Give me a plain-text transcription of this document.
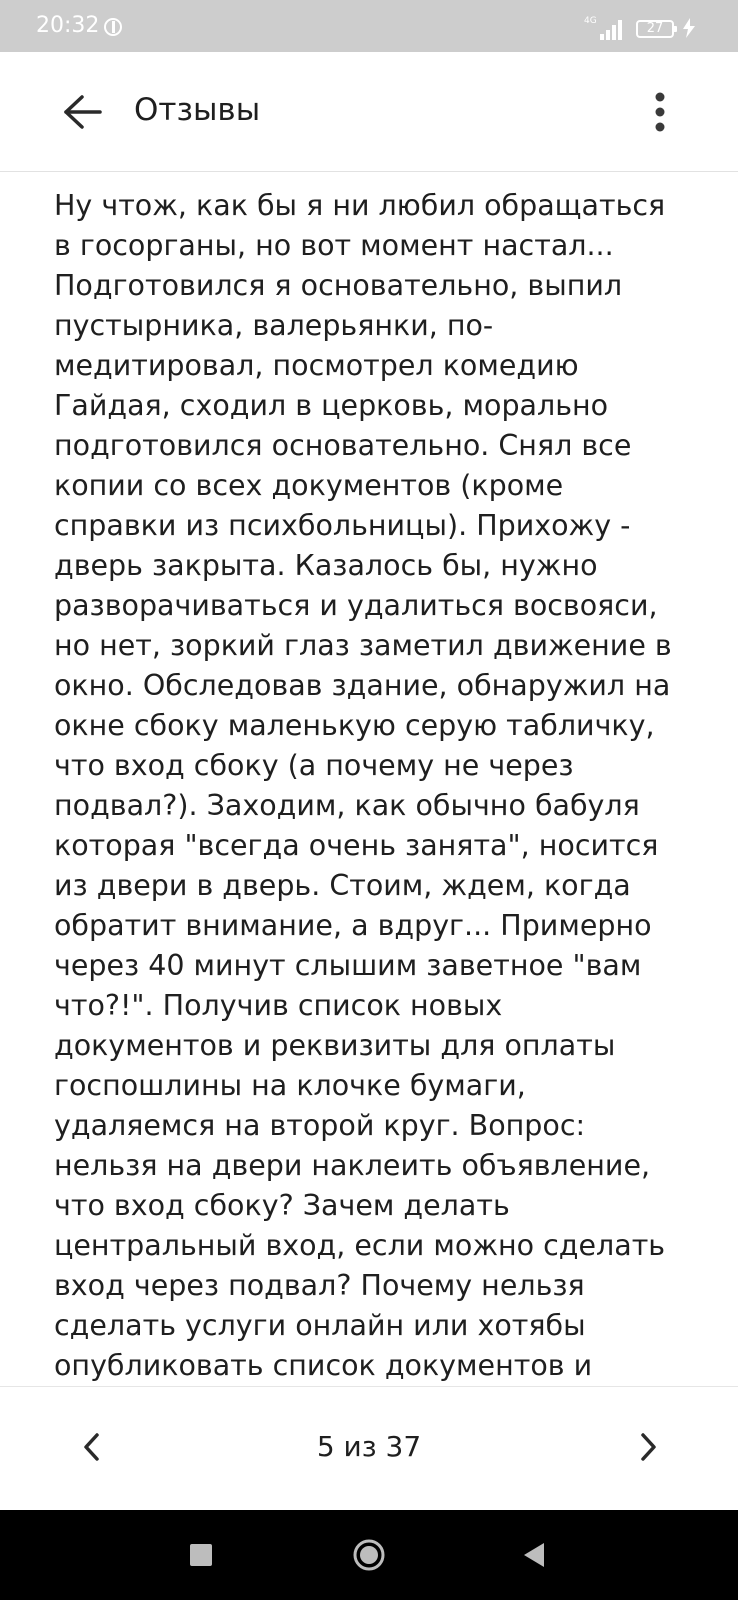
20:32	4G	27
Отзывы

Ну чтож, как бы я ни любил обращаться
в госорганы, но вот момент настал...
Подготовился я основательно, выпил
пустырника, валерьянки, по-
медитировал, посмотрел комедию
Гайдая, сходил в церковь, морально
подготовился основательно. Снял все
копии со всех документов (кроме
справки из психбольницы). Прихожу -
дверь закрыта. Казалось бы, нужно
разворачиваться и удалиться восвояси,
но нет, зоркий глаз заметил движение в
окно. Обследовав здание, обнаружил на
окне сбоку маленькую серую табличку,
что вход сбоку (а почему не через
подвал?). Заходим, как обычно бабуля
которая "всегда очень занята", носится
из двери в дверь. Стоим, ждем, когда
обратит внимание, а вдруг... Примерно
через 40 минут слышим заветное "вам
что?!". Получив список новых
документов и реквизиты для оплаты
госпошлины на клочке бумаги,
удаляемся на второй круг. Вопрос:
нельзя на двери наклеить объявление,
что вход сбоку? Зачем делать
центральный вход, если можно сделать
вход через подвал? Почему нельзя
сделать услуги онлайн или хотябы
опубликовать список документов и

5 из 37
